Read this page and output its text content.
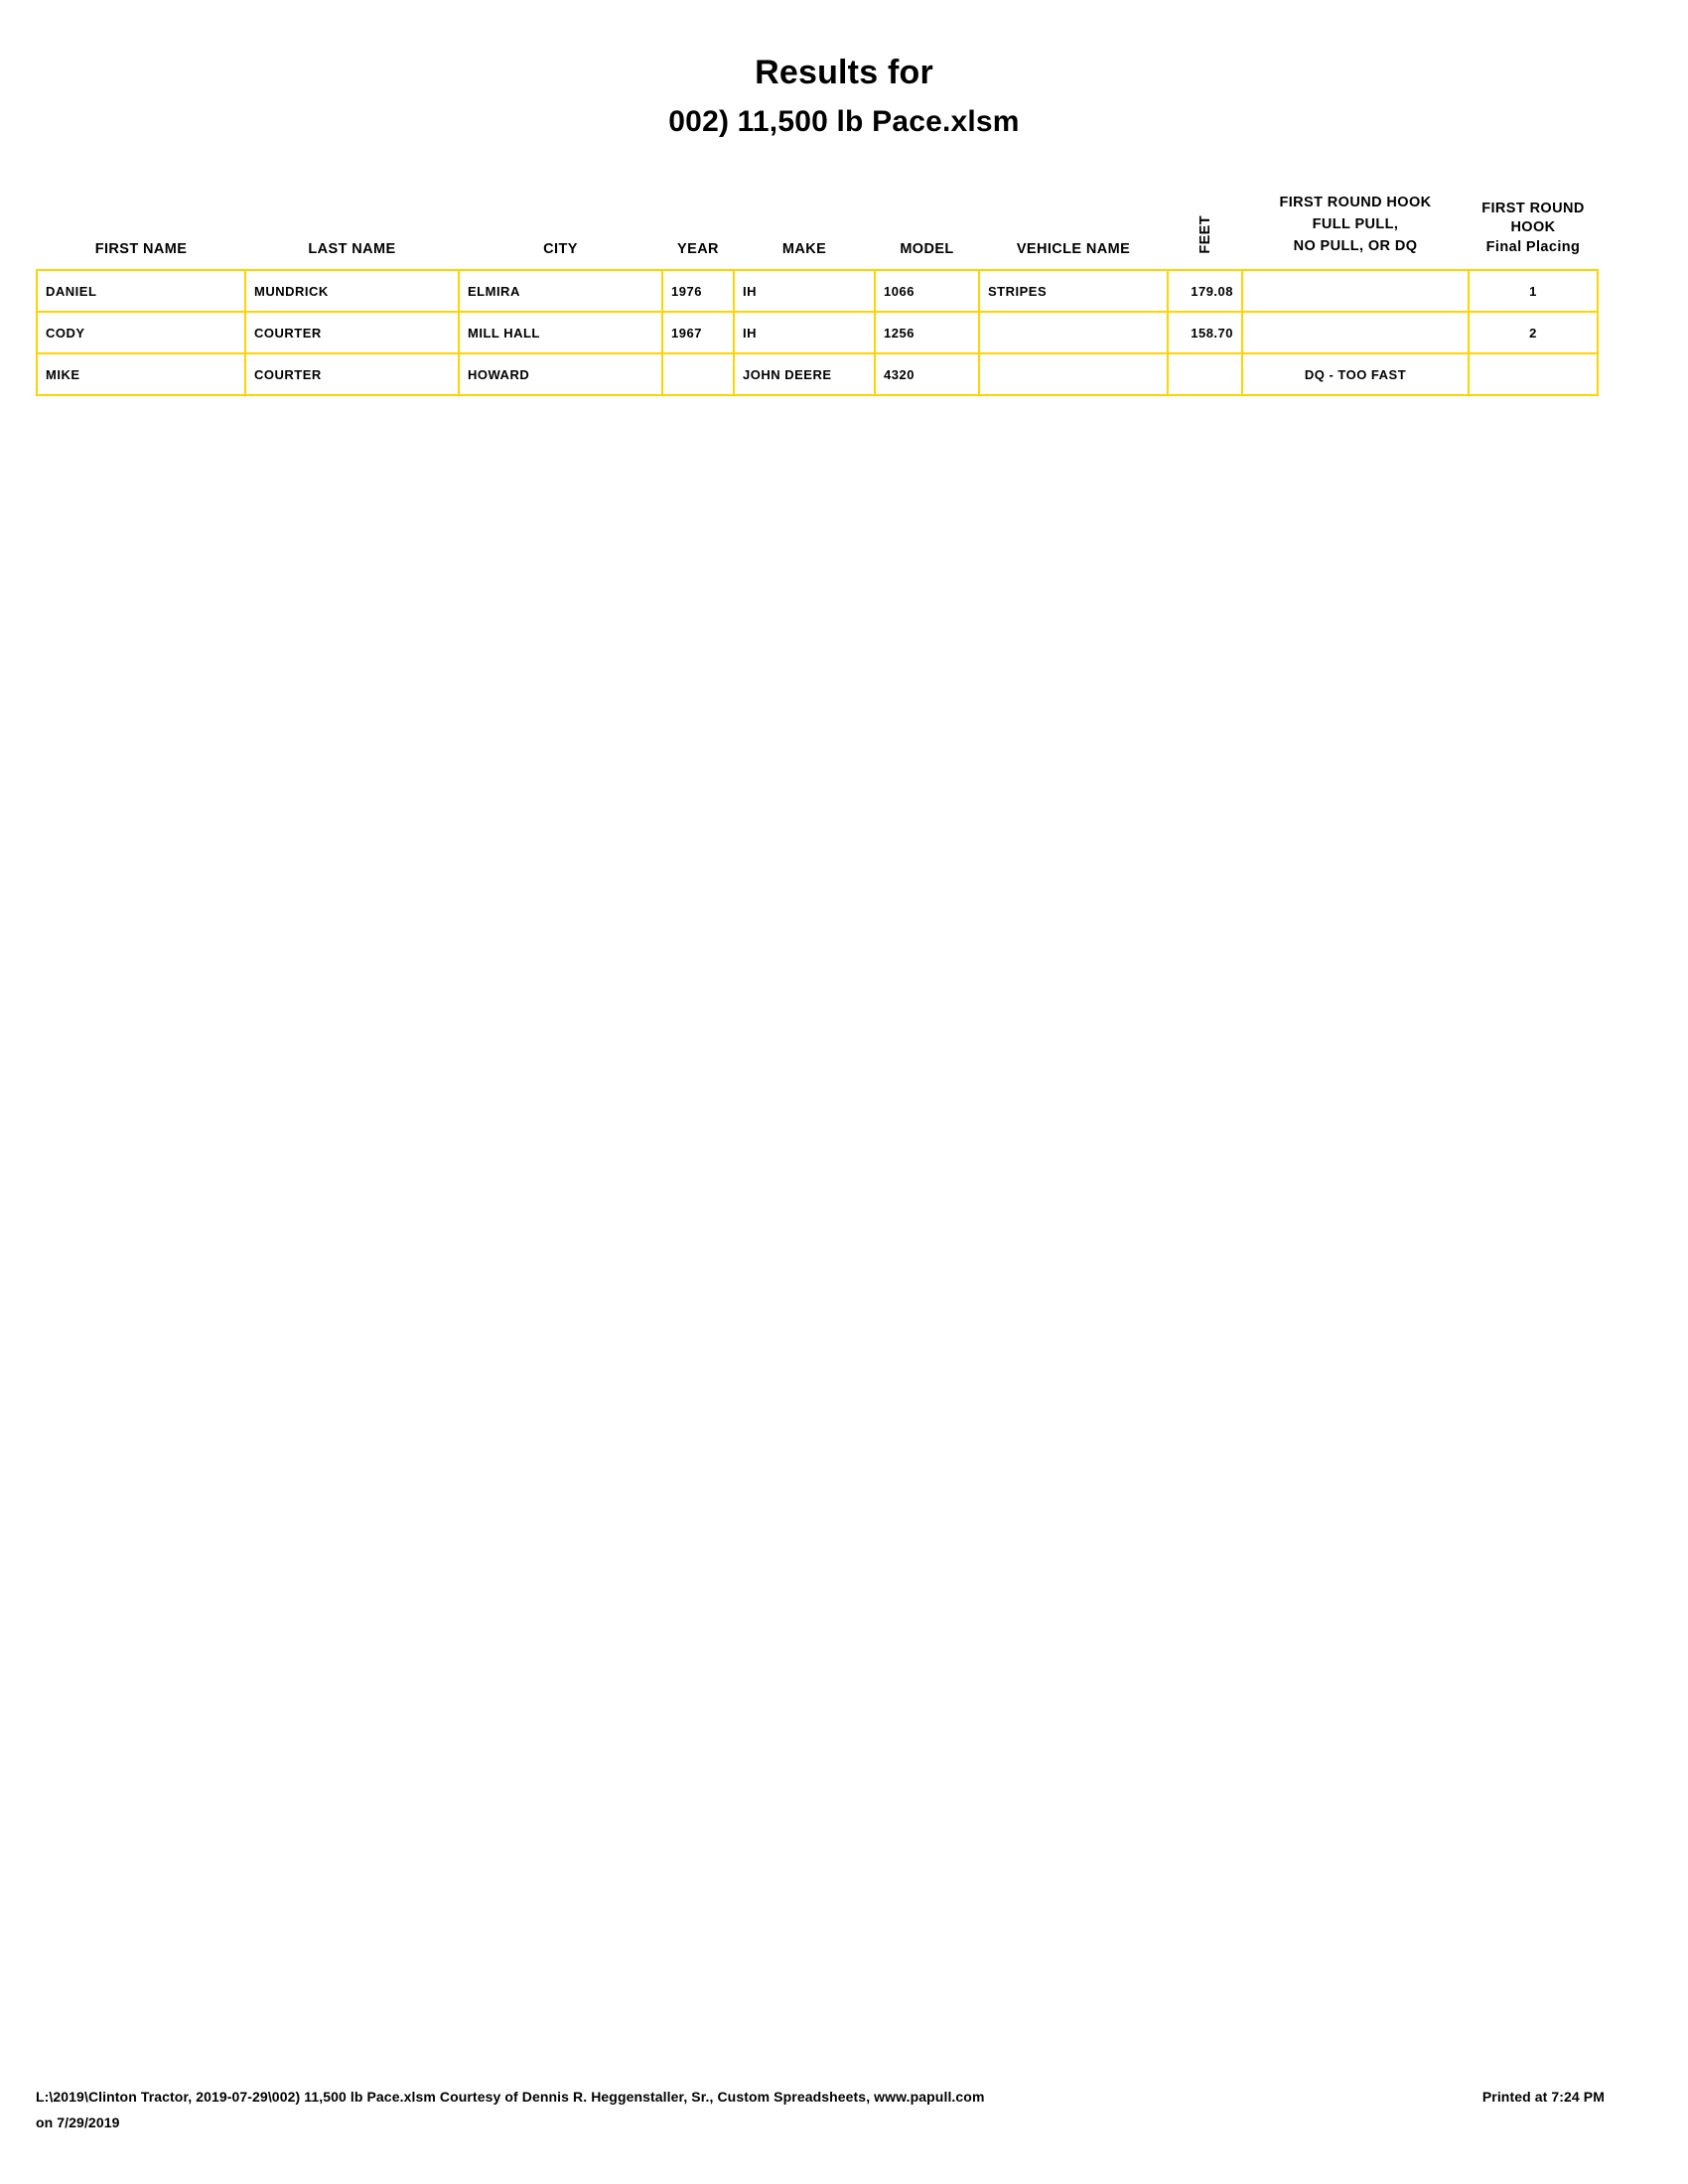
Results for
002) 11,500 lb Pace.xlsm
FIRST NAME	LAST NAME	CITY	YEAR	MAKE	MODEL	VEHICLE NAME	FEET	
FIRST ROUND HOOK
FULL PULL,
NO PULL, OR DQ

FIRST ROUND
HOOK
Final Placing

DANIEL	MUNDRICK	ELMIRA	1976	IH	1066	STRIPES	179.08		1
CODY	COURTER	MILL HALL	1967	IH	1256		158.70		2
MIKE	COURTER	HOWARD		JOHN DEERE	4320			DQ - TOO FAST	
L:\2019\Clinton Tractor, 2019-07-29\002) 11,500 lb Pace.xlsm Courtesy of Dennis R. Heggenstaller, Sr., Custom Spreadsheets, www.papull.com	Printed at 7:24 PM
on 7/29/2019
